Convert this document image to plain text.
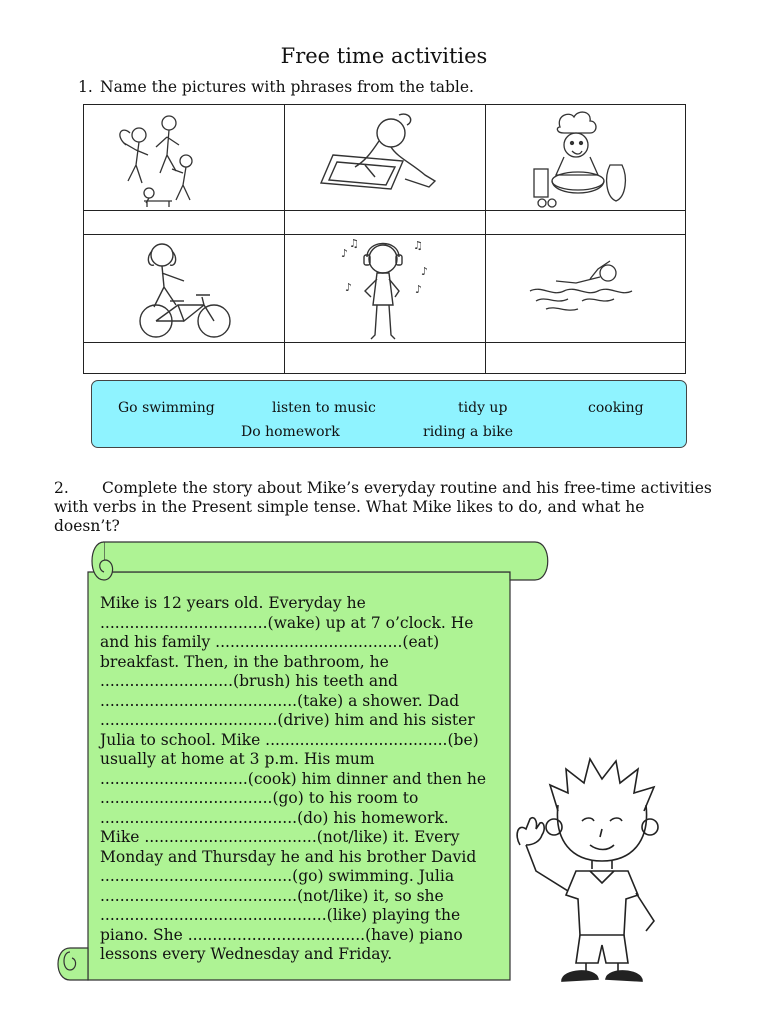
Free time activities
1. Name the pictures with phrases from the table.
♪
♫	♫
♪
♪	♪
Go swimming	listen to music	tidy up	cooking
Do homework	riding a bike
2. Complete the story about Mike’s everyday routine and his free-time activities with verbs in the Present simple tense. What Mike likes to do, and what he doesn’t?
Mike is 12 years old. Everyday he
..................................(wake) up at 7 o’clock. He
and his family ......................................(eat)
breakfast. Then, in the bathroom, he
...........................(brush) his teeth and
........................................(take) a shower. Dad
....................................(drive) him and his sister
Julia to school. Mike .....................................(be)
usually at home at 3 p.m. His mum
..............................(cook) him dinner and then he
...................................(go) to his room to
........................................(do) his homework.
Mike ...................................(not/like) it. Every
Monday and Thursday he and his brother David
.......................................(go) swimming. Julia
........................................(not/like) it, so she
..............................................(like) playing the
piano. She ....................................(have) piano
lessons every Wednesday and Friday.
